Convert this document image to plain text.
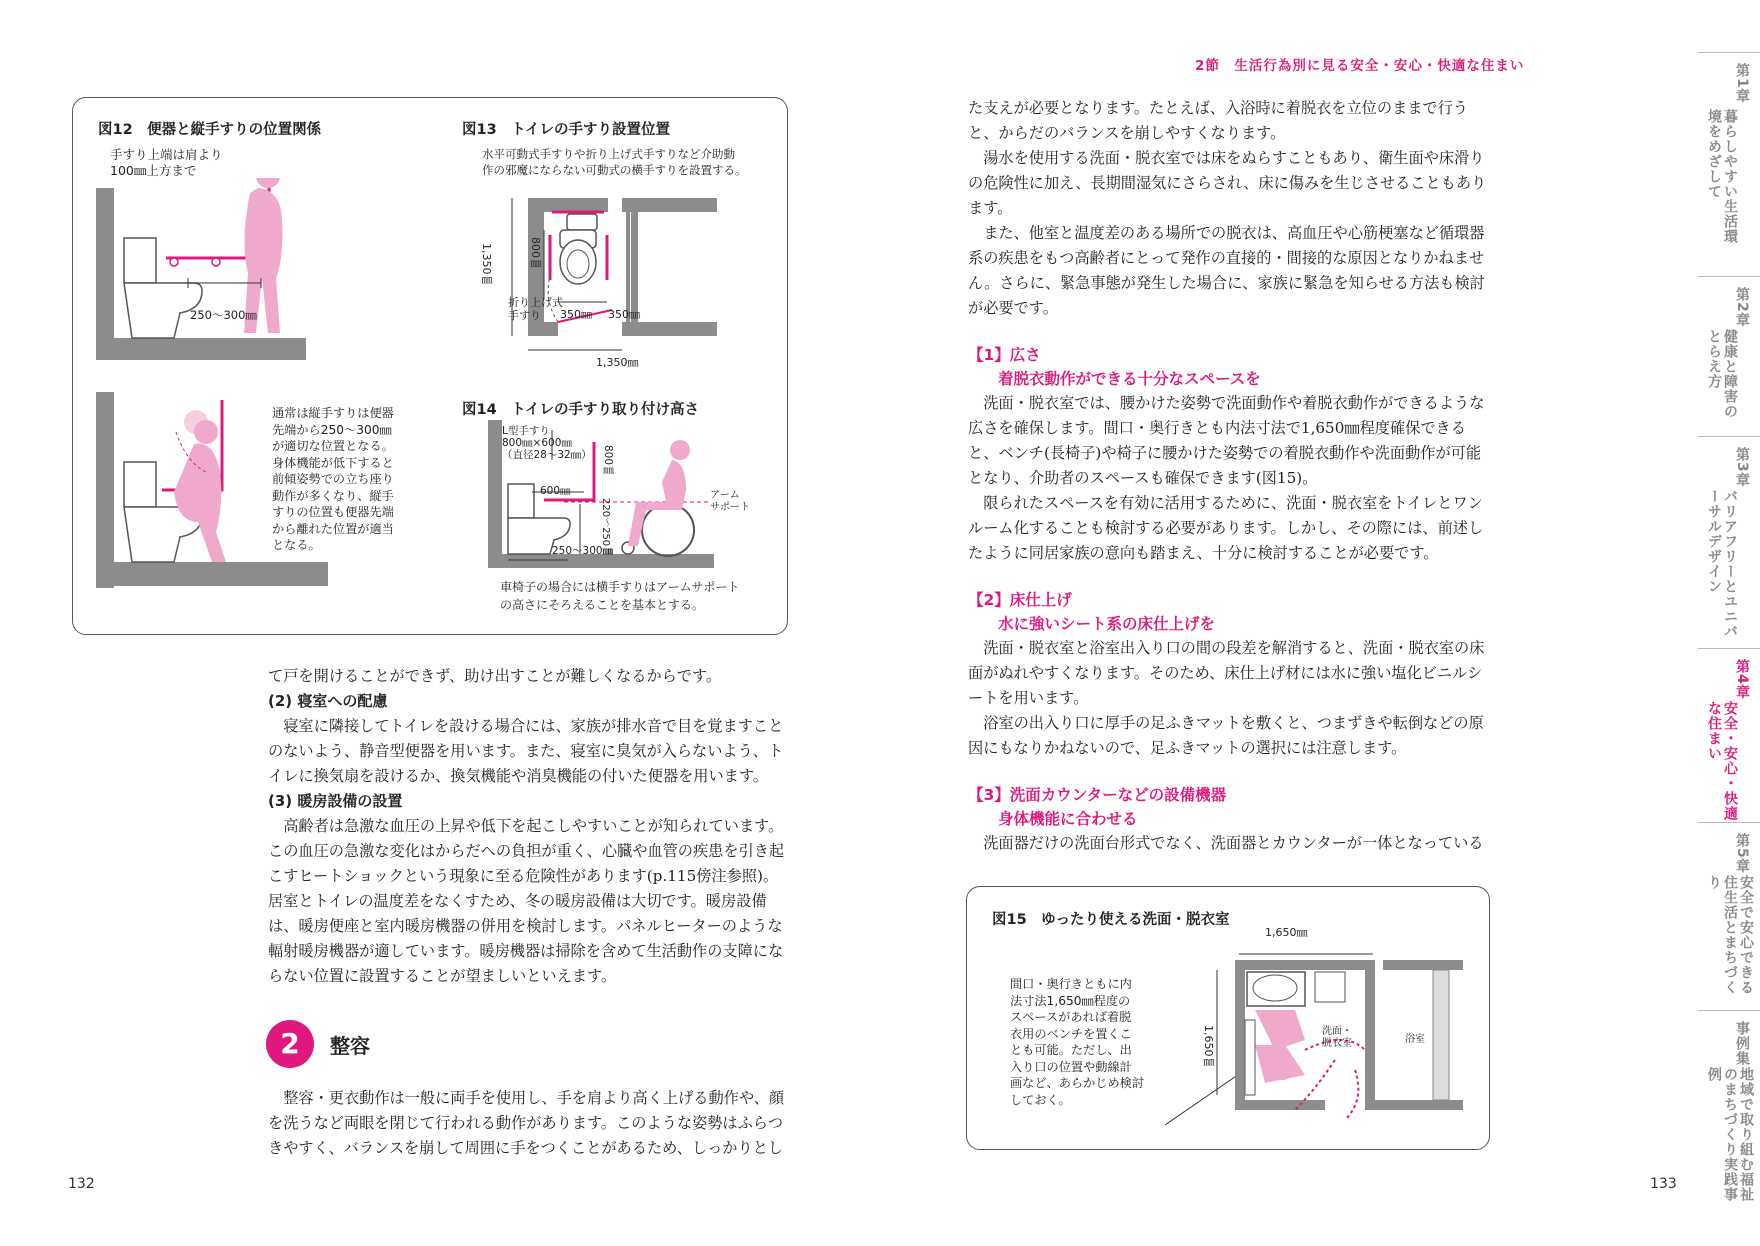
2節　生活行為別に見る安全・安心・快適な住まい
図12　便器と縦手すりの位置関係
手すり上端は肩より
100㎜上方まで
250〜300㎜
通常は縦手すりは便器
先端から250〜300㎜
が適切な位置となる。
身体機能が低下すると
前傾姿勢での立ち座り
動作が多くなり、縦手
すりの位置も便器先端
から離れた位置が適当
となる。
図13　トイレの手すり設置位置
水平可動式手すりや折り上げ式手すりなど介助動
作の邪魔にならない可動式の横手すりを設置する。
1,350㎜	800㎜
折り上げ式
手すり	350㎜ 350㎜
1,350㎜
図14　トイレの手すり取り付け高さ
L型手すり
800㎜×600㎜
（直径28〜32㎜） 800㎜
600㎜
220〜250㎜
250〜300㎜
アーム
サポート
車椅子の場合には横手すりはアームサポート
の高さにそろえることを基本とする。

て戸を開けることができず、助け出すことが難しくなるからです。

(2) 寝室への配慮

寝室に隣接してトイレを設ける場合には、家族が排水音で目を覚ますことのないよう、静音型便器を用います。また、寝室に臭気が入らないよう、トイレに換気扇を設けるか、換気機能や消臭機能の付いた便器を用います。

(3) 暖房設備の設置

高齢者は急激な血圧の上昇や低下を起こしやすいことが知られています。この血圧の急激な変化はからだへの負担が重く、心臓や血管の疾患を引き起こすヒートショックという現象に至る危険性があります(p.115傍注参照)。居室とトイレの温度差をなくすため、冬の暖房設備は大切です。暖房設備は、暖房便座と室内暖房機器の併用を検討します。パネルヒーターのような輻射暖房機器が適しています。暖房機器は掃除を含めて生活動作の支障にならない位置に設置することが望ましいといえます。

2	整容

整容・更衣動作は一般に両手を使用し、手を肩より高く上げる動作や、顔を洗うなど両眼を閉じて行われる動作があります。このような姿勢はふらつきやすく、バランスを崩して周囲に手をつくことがあるため、しっかりとし

132	133

た支えが必要となります。たとえば、入浴時に着脱衣を立位のままで行うと、からだのバランスを崩しやすくなります。

湯水を使用する洗面・脱衣室では床をぬらすこともあり、衛生面や床滑りの危険性に加え、長期間湿気にさらされ、床に傷みを生じさせることもあります。

また、他室と温度差のある場所での脱衣は、高血圧や心筋梗塞など循環器系の疾患をもつ高齢者にとって発作の直接的・間接的な原因となりかねません。さらに、緊急事態が発生した場合に、家族に緊急を知らせる方法も検討が必要です。

【1】広さ
着脱衣動作ができる十分なスペースを

洗面・脱衣室では、腰かけた姿勢で洗面動作や着脱衣動作ができるような広さを確保します。間口・奥行きとも内法寸法で1,650㎜程度確保できると、ベンチ(長椅子)や椅子に腰かけた姿勢での着脱衣動作や洗面動作が可能となり、介助者のスペースも確保できます(図15)。

限られたスペースを有効に活用するために、洗面・脱衣室をトイレとワンルーム化することも検討する必要があります。しかし、その際には、前述したように同居家族の意向も踏まえ、十分に検討することが必要です。

【2】床仕上げ
水に強いシート系の床仕上げを

洗面・脱衣室と浴室出入り口の間の段差を解消すると、洗面・脱衣室の床面がぬれやすくなります。そのため、床仕上げ材には水に強い塩化ビニルシートを用います。

浴室の出入り口に厚手の足ふきマットを敷くと、つまずきや転倒などの原因にもなりかねないので、足ふきマットの選択には注意します。

【3】洗面カウンターなどの設備機器
身体機能に合わせる

洗面器だけの洗面台形式でなく、洗面器とカウンターが一体となっている

図15　ゆったり使える洗面・脱衣室
間口・奥行きともに内
法寸法1,650㎜程度の
スペースがあれば着脱
衣用のベンチを置くこ
とも可能。ただし、出
入り口の位置や動線計
画など、あらかじめ検討
しておく。
1,650㎜
1,650㎜	洗面・
脱衣室	浴室
第1章
暮らしやすい生活環境をめざして
第2章
健康と障害のとらえ方
第3章
バリアフリーとユニバーサルデザイン
第4章
安全・安心・快適な住まい
第5章
安全で安心できる住生活とまちづくり
事例集
地域で取り組む福祉のまちづくり実践事例
